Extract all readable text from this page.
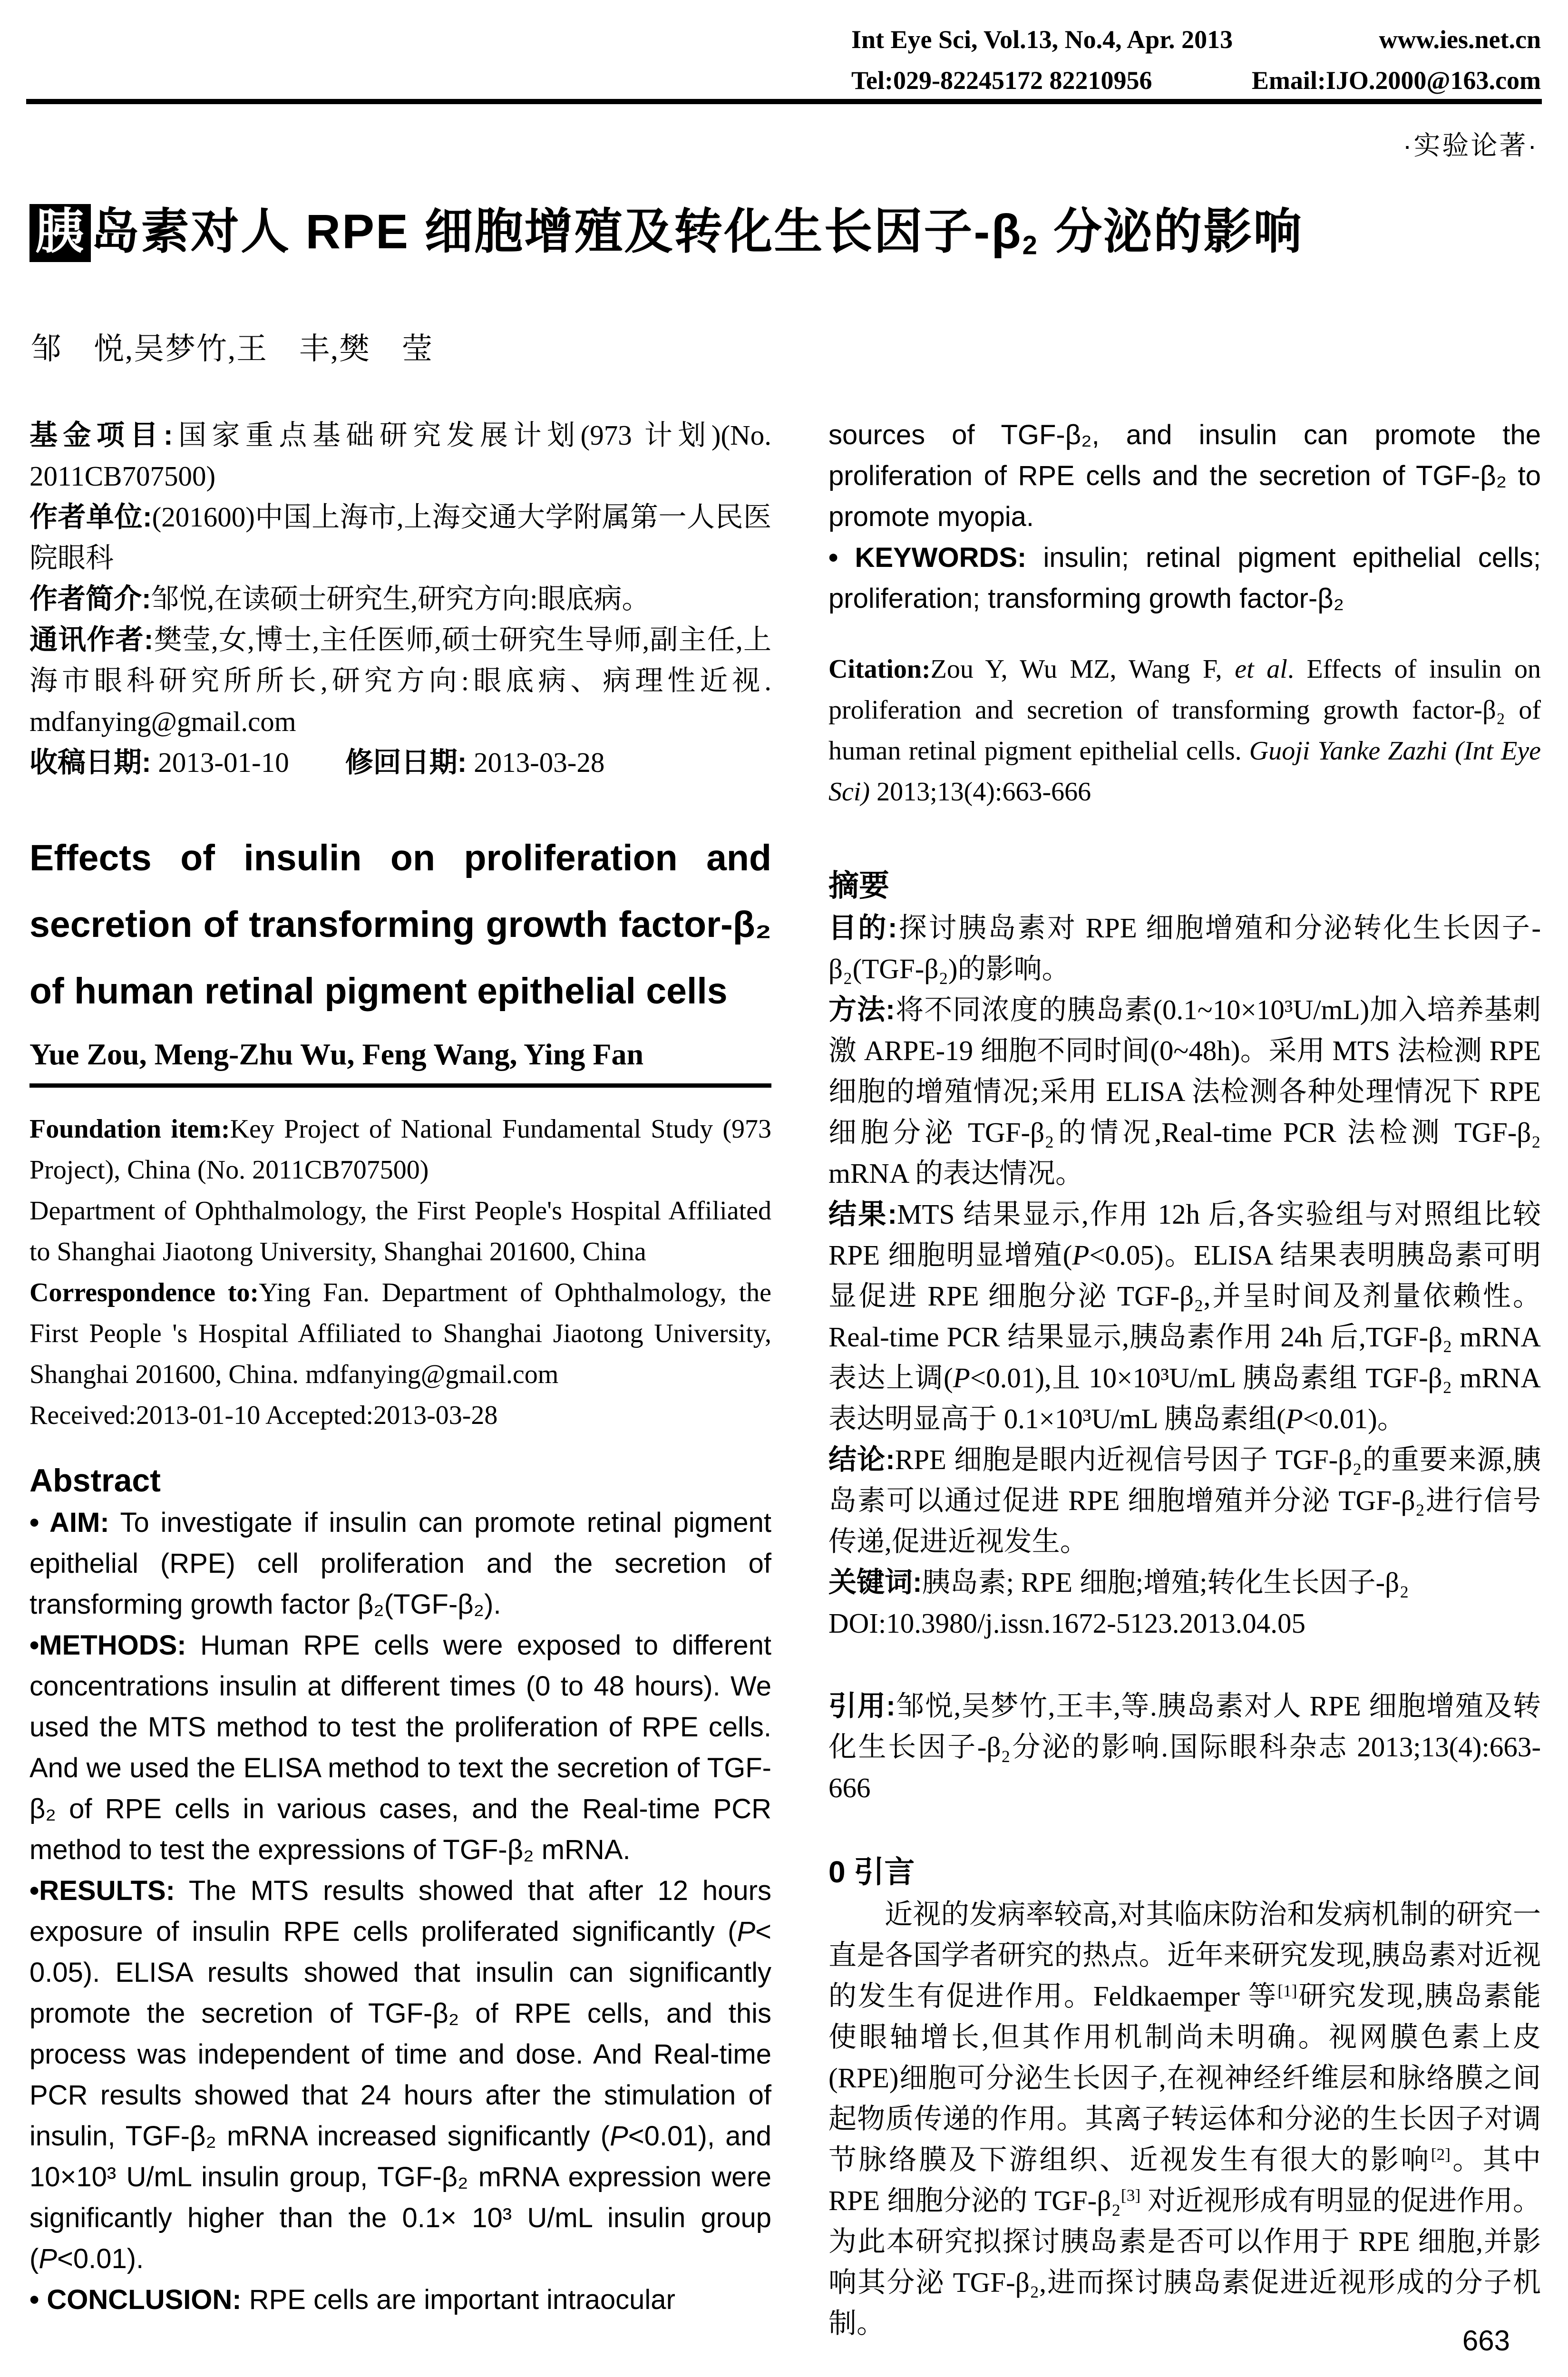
Int Eye Sci, Vol.13, No.4, Apr. 2013	www.ies.net.cn
Tel:029-82245172 82210956	Email:IJO.2000@163.com
·实验论著·
胰 岛素对人 RPE 细胞增殖及转化生长因子$-\beta_2$ 分泌的影响
邹　悦,吴梦竹,王　丰,樊　莹

基金项目:国家重点基础研究发展计划(973 计划)(No. 2011CB707500)

作者单位:(201600)中国上海市,上海交通大学附属第一人民医院眼科

作者简介:邹悦,在读硕士研究生,研究方向:眼底病。

通讯作者:樊莹,女,博士,主任医师,硕士研究生导师,副主任,上海市眼科研究所所长,研究方向:眼底病、病理性近视. mdfanying@gmail.com

收稿日期: 2013-01-10　　修回日期: 2013-03-28

Effects of insulin on proliferation and secretion of transforming growth factor-β₂ of human retinal pigment epithelial cells
Yue Zou, Meng-Zhu Wu, Feng Wang, Ying Fan

Foundation item:Key Project of National Fundamental Study (973 Project), China (No. 2011CB707500)

Department of Ophthalmology, the First People's Hospital Affiliated to Shanghai Jiaotong University, Shanghai 201600, China

Correspondence to:Ying Fan. Department of Ophthalmology, the First People 's Hospital Affiliated to Shanghai Jiaotong University, Shanghai 201600, China. mdfanying@gmail.com

Received:2013-01-10 Accepted:2013-03-28

Abstract

• AIM: To investigate if insulin can promote retinal pigment epithelial (RPE) cell proliferation and the secretion of transforming growth factor β₂(TGF-β₂).

•METHODS: Human RPE cells were exposed to different concentrations insulin at different times (0 to 48 hours). We used the MTS method to test the proliferation of RPE cells. And we used the ELISA method to text the secretion of TGF-β₂ of RPE cells in various cases, and the Real-time PCR method to test the expressions of TGF-β₂ mRNA.

•RESULTS: The MTS results showed that after 12 hours exposure of insulin RPE cells proliferated significantly (P< 0.05). ELISA results showed that insulin can significantly promote the secretion of TGF-β₂ of RPE cells, and this process was independent of time and dose. And Real-time PCR results showed that 24 hours after the stimulation of insulin, TGF-β₂ mRNA increased significantly (P<0.01), and 10×10³ U/mL insulin group, TGF-β₂ mRNA expression were significantly higher than the 0.1× 10³ U/mL insulin group (P<0.01).

• CONCLUSION: RPE cells are important intraocular

sources of TGF-β₂, and insulin can promote the proliferation of RPE cells and the secretion of TGF-β₂ to promote myopia.

• KEYWORDS: insulin; retinal pigment epithelial cells; proliferation; transforming growth factor-β₂

Citation:Zou Y, Wu MZ, Wang F, et al. Effects of insulin on proliferation and secretion of transforming growth factor-β₂ of human retinal pigment epithelial cells. Guoji Yanke Zazhi (Int Eye Sci) 2013;13(4):663-666

摘要

目的:探讨胰岛素对 RPE 细胞增殖和分泌转化生长因子-β₂(TGF-β₂)的影响。

方法:将不同浓度的胰岛素(0.1~10×10³U/mL)加入培养基刺激 ARPE-19 细胞不同时间(0~48h)。采用 MTS 法检测 RPE 细胞的增殖情况;采用 ELISA 法检测各种处理情况下 RPE 细胞分泌 TGF-β₂的情况,Real-time PCR 法检测 TGF-β₂ mRNA 的表达情况。

结果:MTS 结果显示,作用 12h 后,各实验组与对照组比较 RPE 细胞明显增殖(P<0.05)。ELISA 结果表明胰岛素可明显促进 RPE 细胞分泌 TGF-β₂,并呈时间及剂量依赖性。Real-time PCR 结果显示,胰岛素作用 24h 后,TGF-β₂ mRNA 表达上调(P<0.01),且 10×10³U/mL 胰岛素组 TGF-β₂ mRNA 表达明显高于 0.1×10³U/mL 胰岛素组(P<0.01)。

结论:RPE 细胞是眼内近视信号因子 TGF-β₂的重要来源,胰岛素可以通过促进 RPE 细胞增殖并分泌 TGF-β₂进行信号传递,促进近视发生。

关键词:胰岛素; RPE 细胞;增殖;转化生长因子-β₂

DOI:10.3980/j.issn.1672-5123.2013.04.05

引用:邹悦,吴梦竹,王丰,等.胰岛素对人 RPE 细胞增殖及转化生长因子-β₂分泌的影响.国际眼科杂志 2013;13(4):663-666

0 引言

近视的发病率较高,对其临床防治和发病机制的研究一直是各国学者研究的热点。近年来研究发现,胰岛素对近视的发生有促进作用。Feldkaemper 等[1]研究发现,胰岛素能使眼轴增长,但其作用机制尚未明确。视网膜色素上皮(RPE)细胞可分泌生长因子,在视神经纤维层和脉络膜之间起物质传递的作用。其离子转运体和分泌的生长因子对调节脉络膜及下游组织、近视发生有很大的影响[2]。其中 RPE 细胞分泌的 TGF-β₂[3] 对近视形成有明显的促进作用。为此本研究拟探讨胰岛素是否可以作用于 RPE 细胞,并影响其分泌 TGF-β₂,进而探讨胰岛素促进近视形成的分子机制。

663
